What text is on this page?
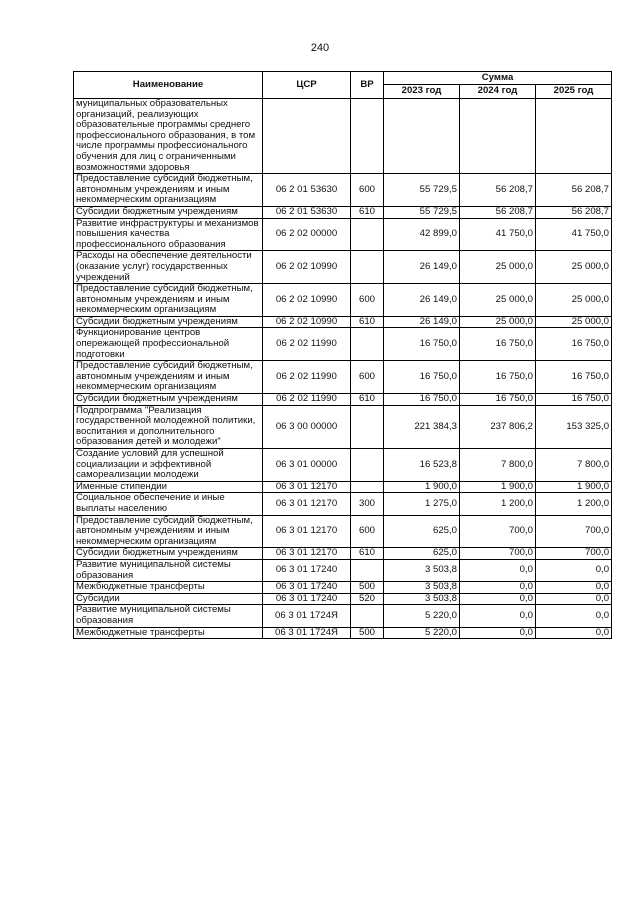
240
Наименование	ЦСР	ВР	Сумма		
			2023 год	2024 год	2025 год
муниципальных образовательных организаций, реализующих образовательные программы среднего профессионального образования, в том числе программы профессионального обучения для лиц с ограниченными возможностями здоровья					
Предоставление субсидий бюджетным, автономным учреждениям и иным некоммерческим организациям	06 2 01 53630	600	55 729,5	56 208,7	56 208,7
Субсидии бюджетным учреждениям	06 2 01 53630	610	55 729,5	56 208,7	56 208,7
Развитие инфраструктуры и механизмов повышения качества профессионального образования	06 2 02 00000		42 899,0	41 750,0	41 750,0
Расходы на обеспечение деятельности (оказание услуг) государственных учреждений	06 2 02 10990		26 149,0	25 000,0	25 000,0
Предоставление субсидий бюджетным, автономным учреждениям и иным некоммерческим организациям	06 2 02 10990	600	26 149,0	25 000,0	25 000,0
Субсидии бюджетным учреждениям	06 2 02 10990	610	26 149,0	25 000,0	25 000,0
Функционирование центров опережающей профессиональной подготовки	06 2 02 11990		16 750,0	16 750,0	16 750,0
Предоставление субсидий бюджетным, автономным учреждениям и иным некоммерческим организациям	06 2 02 11990	600	16 750,0	16 750,0	16 750,0
Субсидии бюджетным учреждениям	06 2 02 11990	610	16 750,0	16 750,0	16 750,0
Подпрограмма "Реализация государственной молодежной политики, воспитания и дополнительного образования детей и молодежи"	06 3 00 00000		221 384,3	237 806,2	153 325,0
Создание условий для успешной социализации и эффективной самореализации молодежи	06 3 01 00000		16 523,8	7 800,0	7 800,0
Именные стипендии	06 3 01 12170		1 900,0	1 900,0	1 900,0
Социальное обеспечение и иные выплаты населению	06 3 01 12170	300	1 275,0	1 200,0	1 200,0
Предоставление субсидий бюджетным, автономным учреждениям и иным некоммерческим организациям	06 3 01 12170	600	625,0	700,0	700,0
Субсидии бюджетным учреждениям	06 3 01 12170	610	625,0	700,0	700,0
Развитие муниципальной системы образования	06 3 01 17240		3 503,8	0,0	0,0
Межбюджетные трансферты	06 3 01 17240	500	3 503,8	0,0	0,0
Субсидии	06 3 01 17240	520	3 503,8	0,0	0,0
Развитие муниципальной системы образования	06 3 01 1724Я		5 220,0	0,0	0,0
Межбюджетные трансферты	06 3 01 1724Я	500	5 220,0	0,0	0,0
